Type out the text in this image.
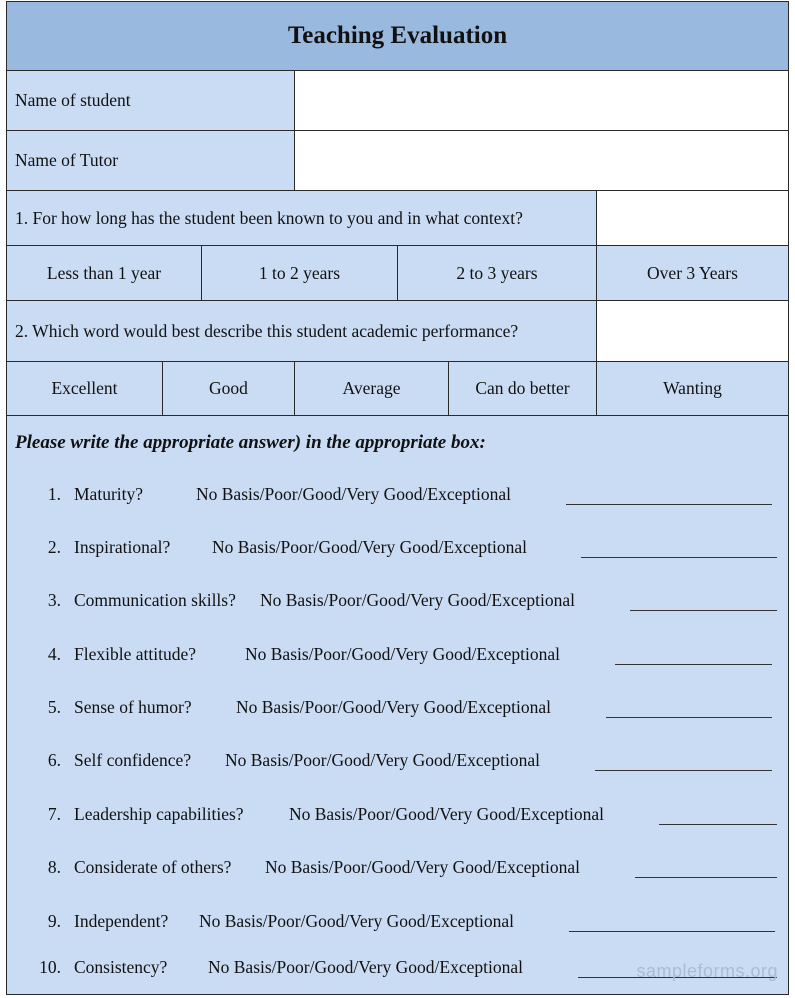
Teaching Evaluation
Name of student
Name of Tutor
1. For how long has the student been known to you and in what context?
Less than 1 year	1 to 2 years	2 to 3 years	Over 3 Years
2. Which word would best describe this student academic performance?
Excellent	Good	Average	Can do better	Wanting
Please write the appropriate answer) in the appropriate box:
1. Maturity?	No Basis/Poor/Good/Very Good/Exceptional
2. Inspirational? No Basis/Poor/Good/Very Good/Exceptional
3. Communication skills? No Basis/Poor/Good/Very Good/Exceptional
4. Flexible attitude?	No Basis/Poor/Good/Very Good/Exceptional
5. Sense of humor?	No Basis/Poor/Good/Very Good/Exceptional
6. Self confidence? No Basis/Poor/Good/Very Good/Exceptional
7. Leadership capabilities?	No Basis/Poor/Good/Very Good/Exceptional
8. Considerate of others? No Basis/Poor/Good/Very Good/Exceptional
9. Independent? No Basis/Poor/Good/Very Good/Exceptional
10. Consistency? No Basis/Poor/Good/Very Good/Exceptional	sampleforms.org
